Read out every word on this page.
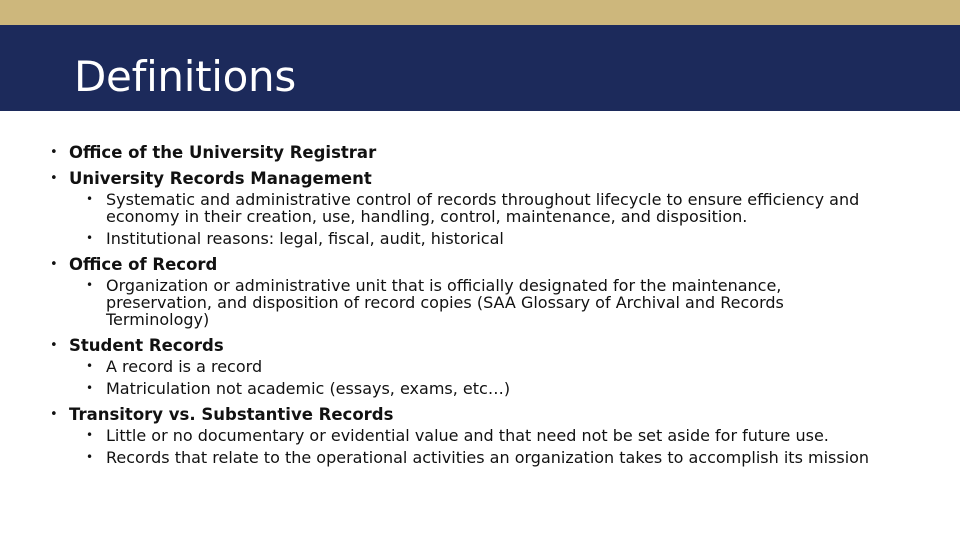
Definitions
• Office of the University Registrar
• University Records Management
• Systematic and administrative control of records throughout lifecycle to ensure efficiency and economy in their creation, use, handling, control, maintenance, and disposition.
• Institutional reasons: legal, fiscal, audit, historical
• Office of Record
• Organization or administrative unit that is officially designated for the maintenance, preservation, and disposition of record copies (SAA Glossary of Archival and Records Terminology)
• Student Records
• A record is a record
• Matriculation not academic (essays, exams, etc…)
• Transitory vs. Substantive Records
• Little or no documentary or evidential value and that need not be set aside for future use.
• Records that relate to the operational activities an organization takes to accomplish its mission
